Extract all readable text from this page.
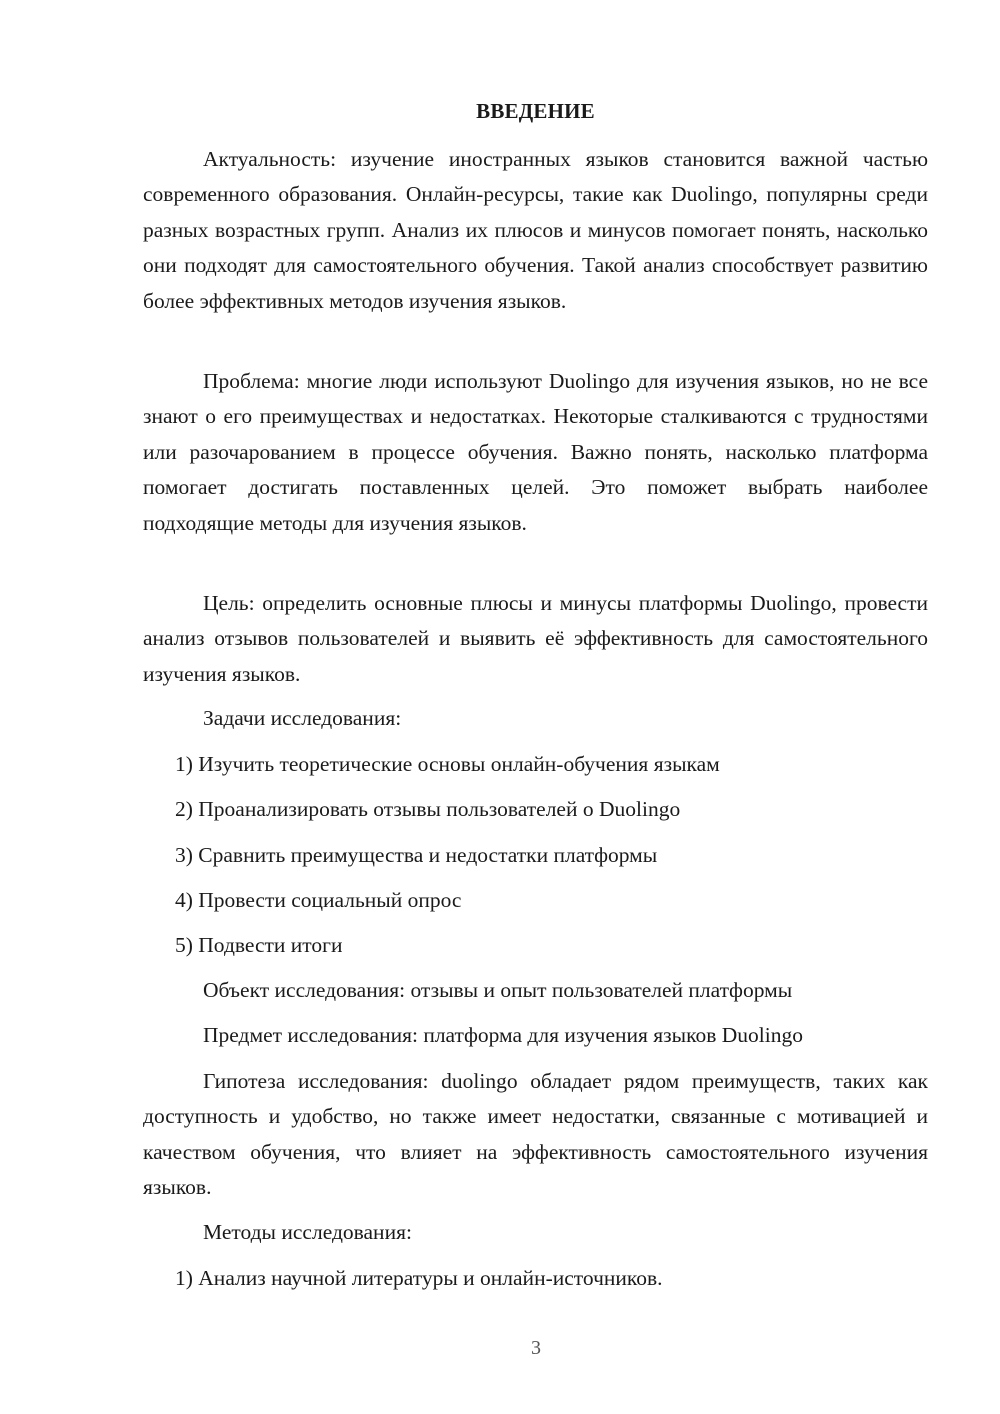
ВВЕДЕНИЕ

Актуальность: изучение иностранных языков становится важной частью современного образования. Онлайн-ресурсы, такие как Duolingo, популярны среди разных возрастных групп. Анализ их плюсов и минусов помогает понять, насколько они подходят для самостоятельного обучения. Такой анализ способствует развитию более эффективных методов изучения языков.

Проблема: многие люди используют Duolingo для изучения языков, но не все знают о его преимуществах и недостатках. Некоторые сталкиваются с трудностями или разочарованием в процессе обучения. Важно понять, насколько платформа помогает достигать поставленных целей. Это поможет выбрать наиболее подходящие методы для изучения языков.

Цель: определить основные плюсы и минусы платформы Duolingo, провести анализ отзывов пользователей и выявить её эффективность для самостоятельного изучения языков.

Задачи исследования:

1) Изучить теоретические основы онлайн-обучения языкам

2) Проанализировать отзывы пользователей о Duolingo

3) Сравнить преимущества и недостатки платформы

4) Провести социальный опрос

5) Подвести итоги

Объект исследования: отзывы и опыт пользователей платформы

Предмет исследования: платформа для изучения языков Duolingo

Гипотеза исследования: duolingo обладает рядом преимуществ, таких как доступность и удобство, но также имеет недостатки, связанные с мотивацией и качеством обучения, что влияет на эффективность самостоятельного изучения языков.

Методы исследования:

1) Анализ научной литературы и онлайн-источников.

3
